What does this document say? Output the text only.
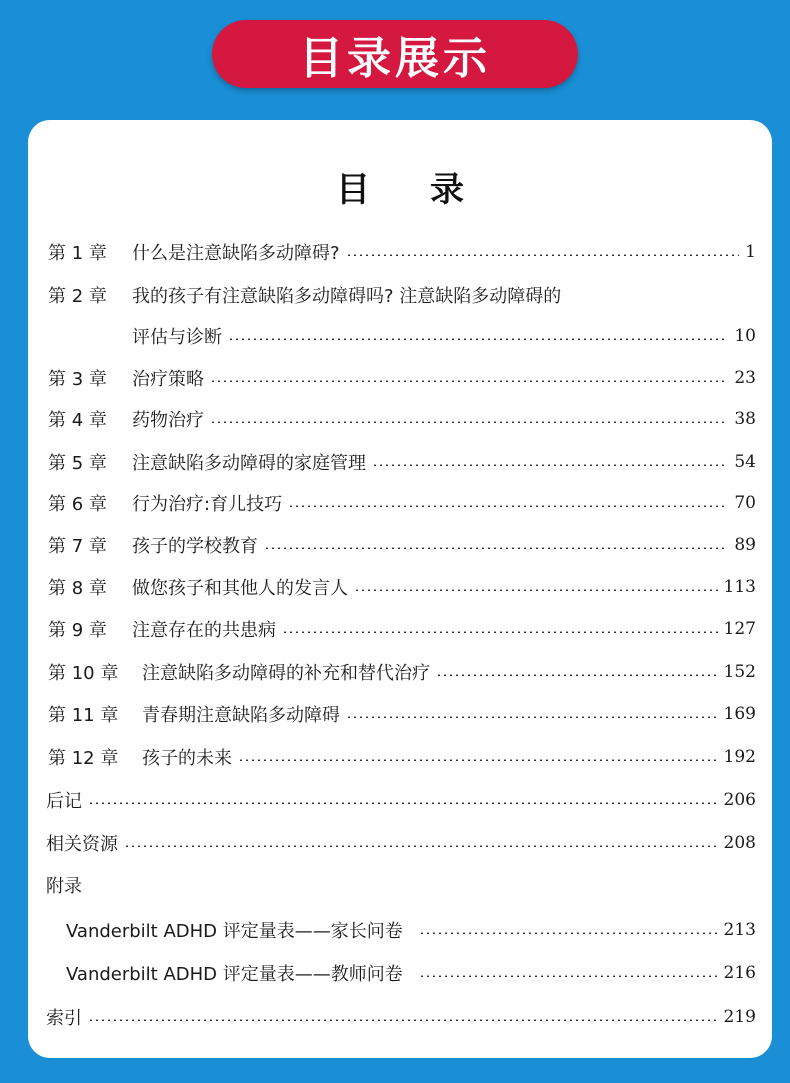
目录展示
目 录
第 1 章	什么是注意缺陷多动障碍?	1
第 2 章	我的孩子有注意缺陷多动障碍吗? 注意缺陷多动障碍的
评估与诊断	10
第 3 章	治疗策略	23
第 4 章	药物治疗	38
第 5 章	注意缺陷多动障碍的家庭管理	54
第 6 章	行为治疗:育儿技巧	70
第 7 章	孩子的学校教育	89
第 8 章	做您孩子和其他人的发言人	113
第 9 章	注意存在的共患病	127
第 10 章	注意缺陷多动障碍的补充和替代治疗	152
第 11 章	青春期注意缺陷多动障碍	169
第 12 章	孩子的未来	192
后记	206
相关资源	208
附录
Vanderbilt ADHD 评定量表——家长问卷	213
Vanderbilt ADHD 评定量表——教师问卷	216
索引	219
